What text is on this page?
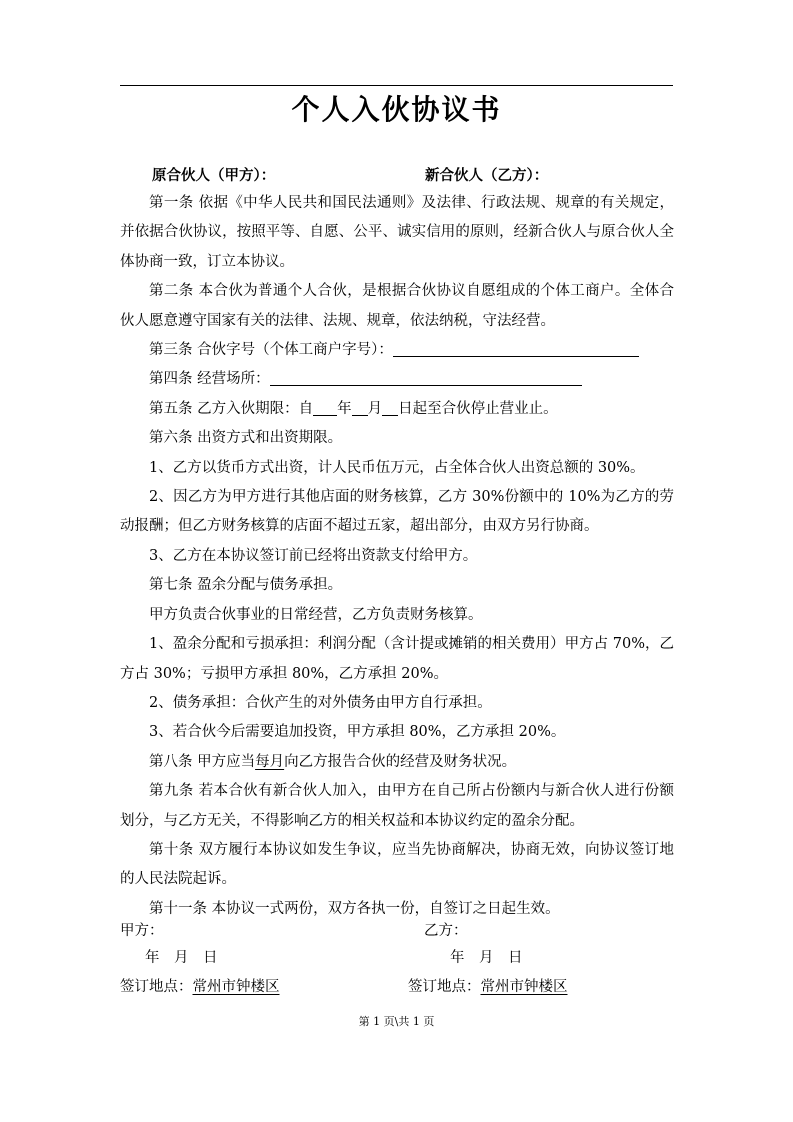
个人入伙协议书
原合伙人（甲方）：	新合伙人（乙方）：

第一条 依据《中华人民共和国民法通则》及法律、行政法规、规章的有关规定，并依据合伙协议，按照平等、自愿、公平、诚实信用的原则，经新合伙人与原合伙人全体协商一致，订立本协议。

第二条 本合伙为普通个人合伙，是根据合伙协议自愿组成的个体工商户。全体合伙人愿意遵守国家有关的法律、法规、规章，依法纳税，守法经营。

第三条 合伙字号（个体工商户字号）：

第四条 经营场所：

第五条 乙方入伙期限：自 年 月 日起至合伙停止营业止。

第六条 出资方式和出资期限。

1、乙方以货币方式出资，计人民币伍万元，占全体合伙人出资总额的 30%。

2、因乙方为甲方进行其他店面的财务核算，乙方 30%份额中的 10%为乙方的劳动报酬；但乙方财务核算的店面不超过五家，超出部分，由双方另行协商。

3、乙方在本协议签订前已经将出资款支付给甲方。

第七条 盈余分配与债务承担。

甲方负责合伙事业的日常经营，乙方负责财务核算。

1、盈余分配和亏损承担：利润分配（含计提或摊销的相关费用）甲方占 70%，乙方占 30%；亏损甲方承担 80%，乙方承担 20%。

2、债务承担：合伙产生的对外债务由甲方自行承担。

3、若合伙今后需要追加投资，甲方承担 80%，乙方承担 20%。

第八条 甲方应当每月向乙方报告合伙的经营及财务状况。

第九条 若本合伙有新合伙人加入，由甲方在自己所占份额内与新合伙人进行份额划分，与乙方无关，不得影响乙方的相关权益和本协议约定的盈余分配。

第十条 双方履行本协议如发生争议，应当先协商解决，协商无效，向协议签订地的人民法院起诉。

第十一条 本协议一式两份，双方各执一份，自签订之日起生效。

甲方：	乙方：
年　月　日	年　月　日
签订地点：常州市钟楼区	签订地点：常州市钟楼区
第 1 页\共 1 页
